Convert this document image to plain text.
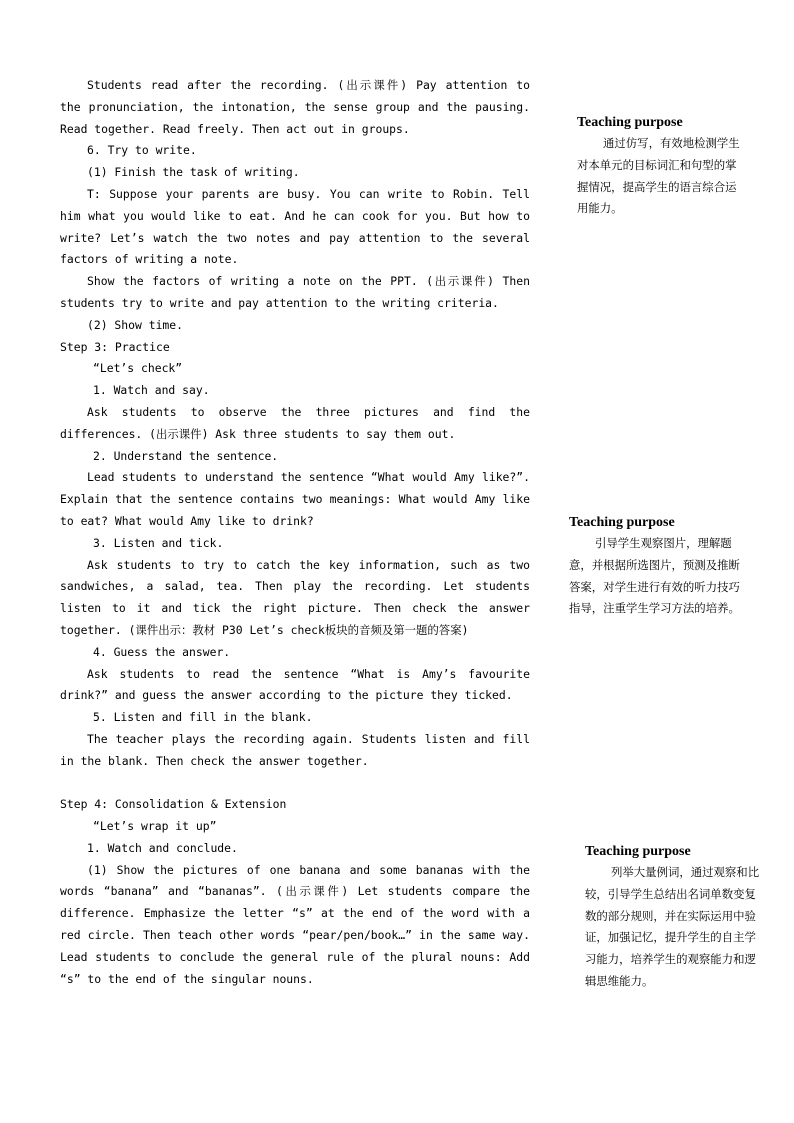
Students read after the recording. (出示课件) Pay attention to the pronunciation, the intonation, the sense group and the pausing. Read together. Read freely. Then act out in groups.

6. Try to write.

(1) Finish the task of writing.

T: Suppose your parents are busy. You can write to Robin. Tell him what you would like to eat. And he can cook for you. But how to write? Let’s watch the two notes and pay attention to the several factors of writing a note.

Show the factors of writing a note on the PPT. (出示课件) Then students try to write and pay attention to the writing criteria.

(2) Show time.

Step 3: Practice

“Let’s check”

1. Watch and say.

Ask students to observe the three pictures and find the differences. (出示课件) Ask three students to say them out.

2. Understand the sentence.

Lead students to understand the sentence “What would Amy like?”. Explain that the sentence contains two meanings: What would Amy like to eat? What would Amy like to drink?

3. Listen and tick.

Ask students to try to catch the key information, such as two sandwiches, a salad, tea. Then play the recording. Let students listen to it and tick the right picture. Then check the answer together. (课件出示：教材 P30 Let’s check板块的音频及第一题的答案)

4. Guess the answer.

Ask students to read the sentence “What is Amy’s favourite drink?” and guess the answer according to the picture they ticked.

5. Listen and fill in the blank.

The teacher plays the recording again. Students listen and fill in the blank. Then check the answer together.

Step 4: Consolidation & Extension

“Let’s wrap it up”

1. Watch and conclude.

(1) Show the pictures of one banana and some bananas with the words “banana” and “bananas”. (出示课件) Let students compare the difference. Emphasize the letter “s” at the end of the word with a red circle. Then teach other words “pear/pen/book…” in the same way. Lead students to conclude the general rule of the plural nouns: Add “s” to the end of the singular nouns.

Teaching purpose

通过仿写，有效地检测学生对本单元的目标词汇和句型的掌握情况，提高学生的语言综合运用能力。

Teaching purpose

引导学生观察图片，理解题意，并根据所选图片，预测及推断答案，对学生进行有效的听力技巧指导，注重学生学习方法的培养。

Teaching purpose

列举大量例词，通过观察和比较，引导学生总结出名词单数变复数的部分规则，并在实际运用中验证，加强记忆，提升学生的自主学习能力，培养学生的观察能力和逻辑思维能力。
